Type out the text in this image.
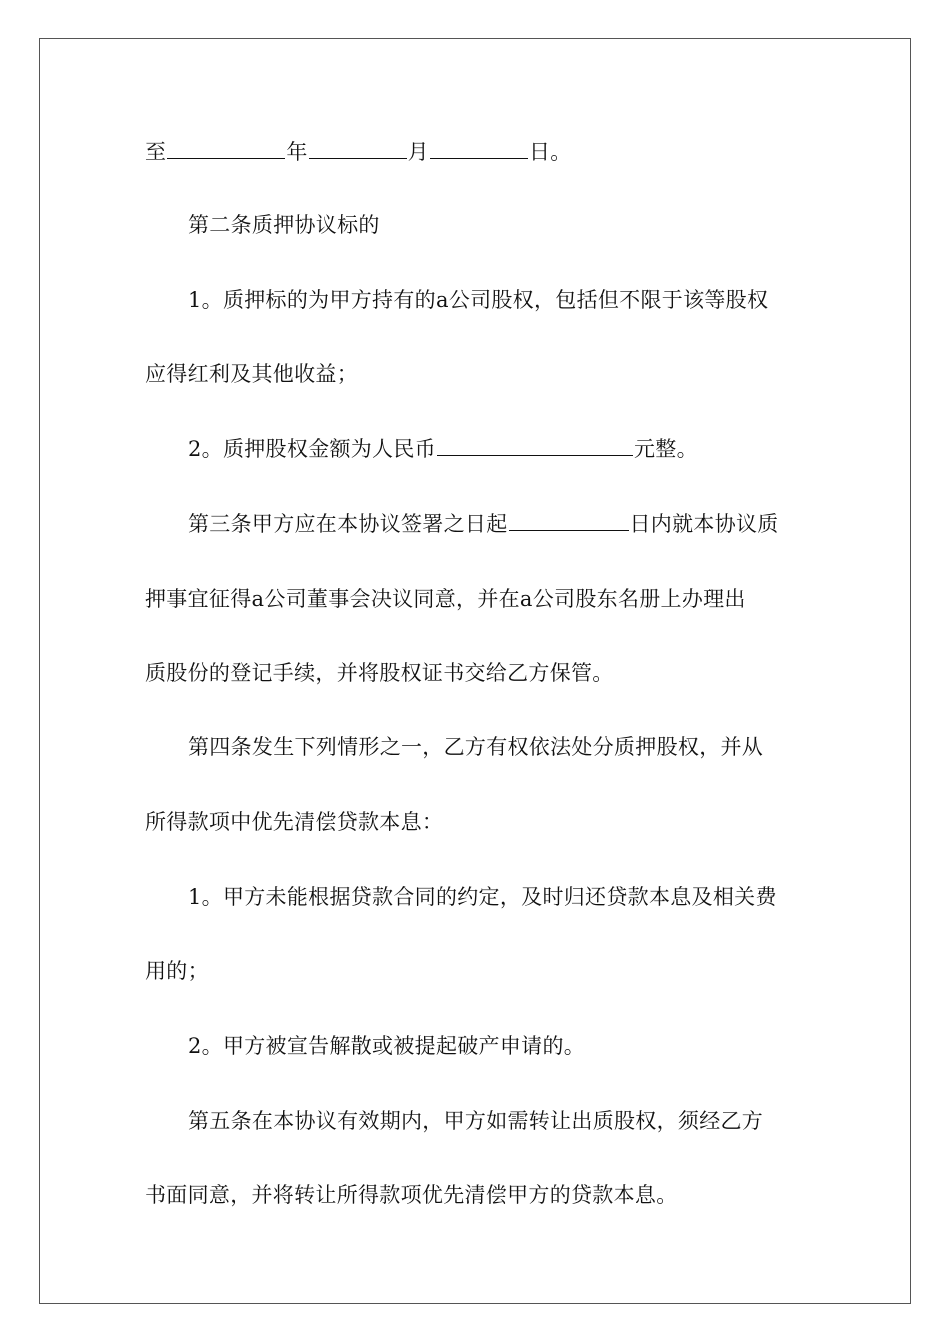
至	年	月	日。
第二条质押协议标的
1。质押标的为甲方持有的a公司股权，包括但不限于该等股权
应得红利及其他收益；
2。质押股权金额为人民币	元整。
第三条甲方应在本协议签署之日起	日内就本协议质
押事宜征得a公司董事会决议同意，并在a公司股东名册上办理出
质股份的登记手续，并将股权证书交给乙方保管。
第四条发生下列情形之一，乙方有权依法处分质押股权，并从
所得款项中优先清偿贷款本息：
1。甲方未能根据贷款合同的约定，及时归还贷款本息及相关费
用的；
2。甲方被宣告解散或被提起破产申请的。
第五条在本协议有效期内，甲方如需转让出质股权，须经乙方
书面同意，并将转让所得款项优先清偿甲方的贷款本息。
